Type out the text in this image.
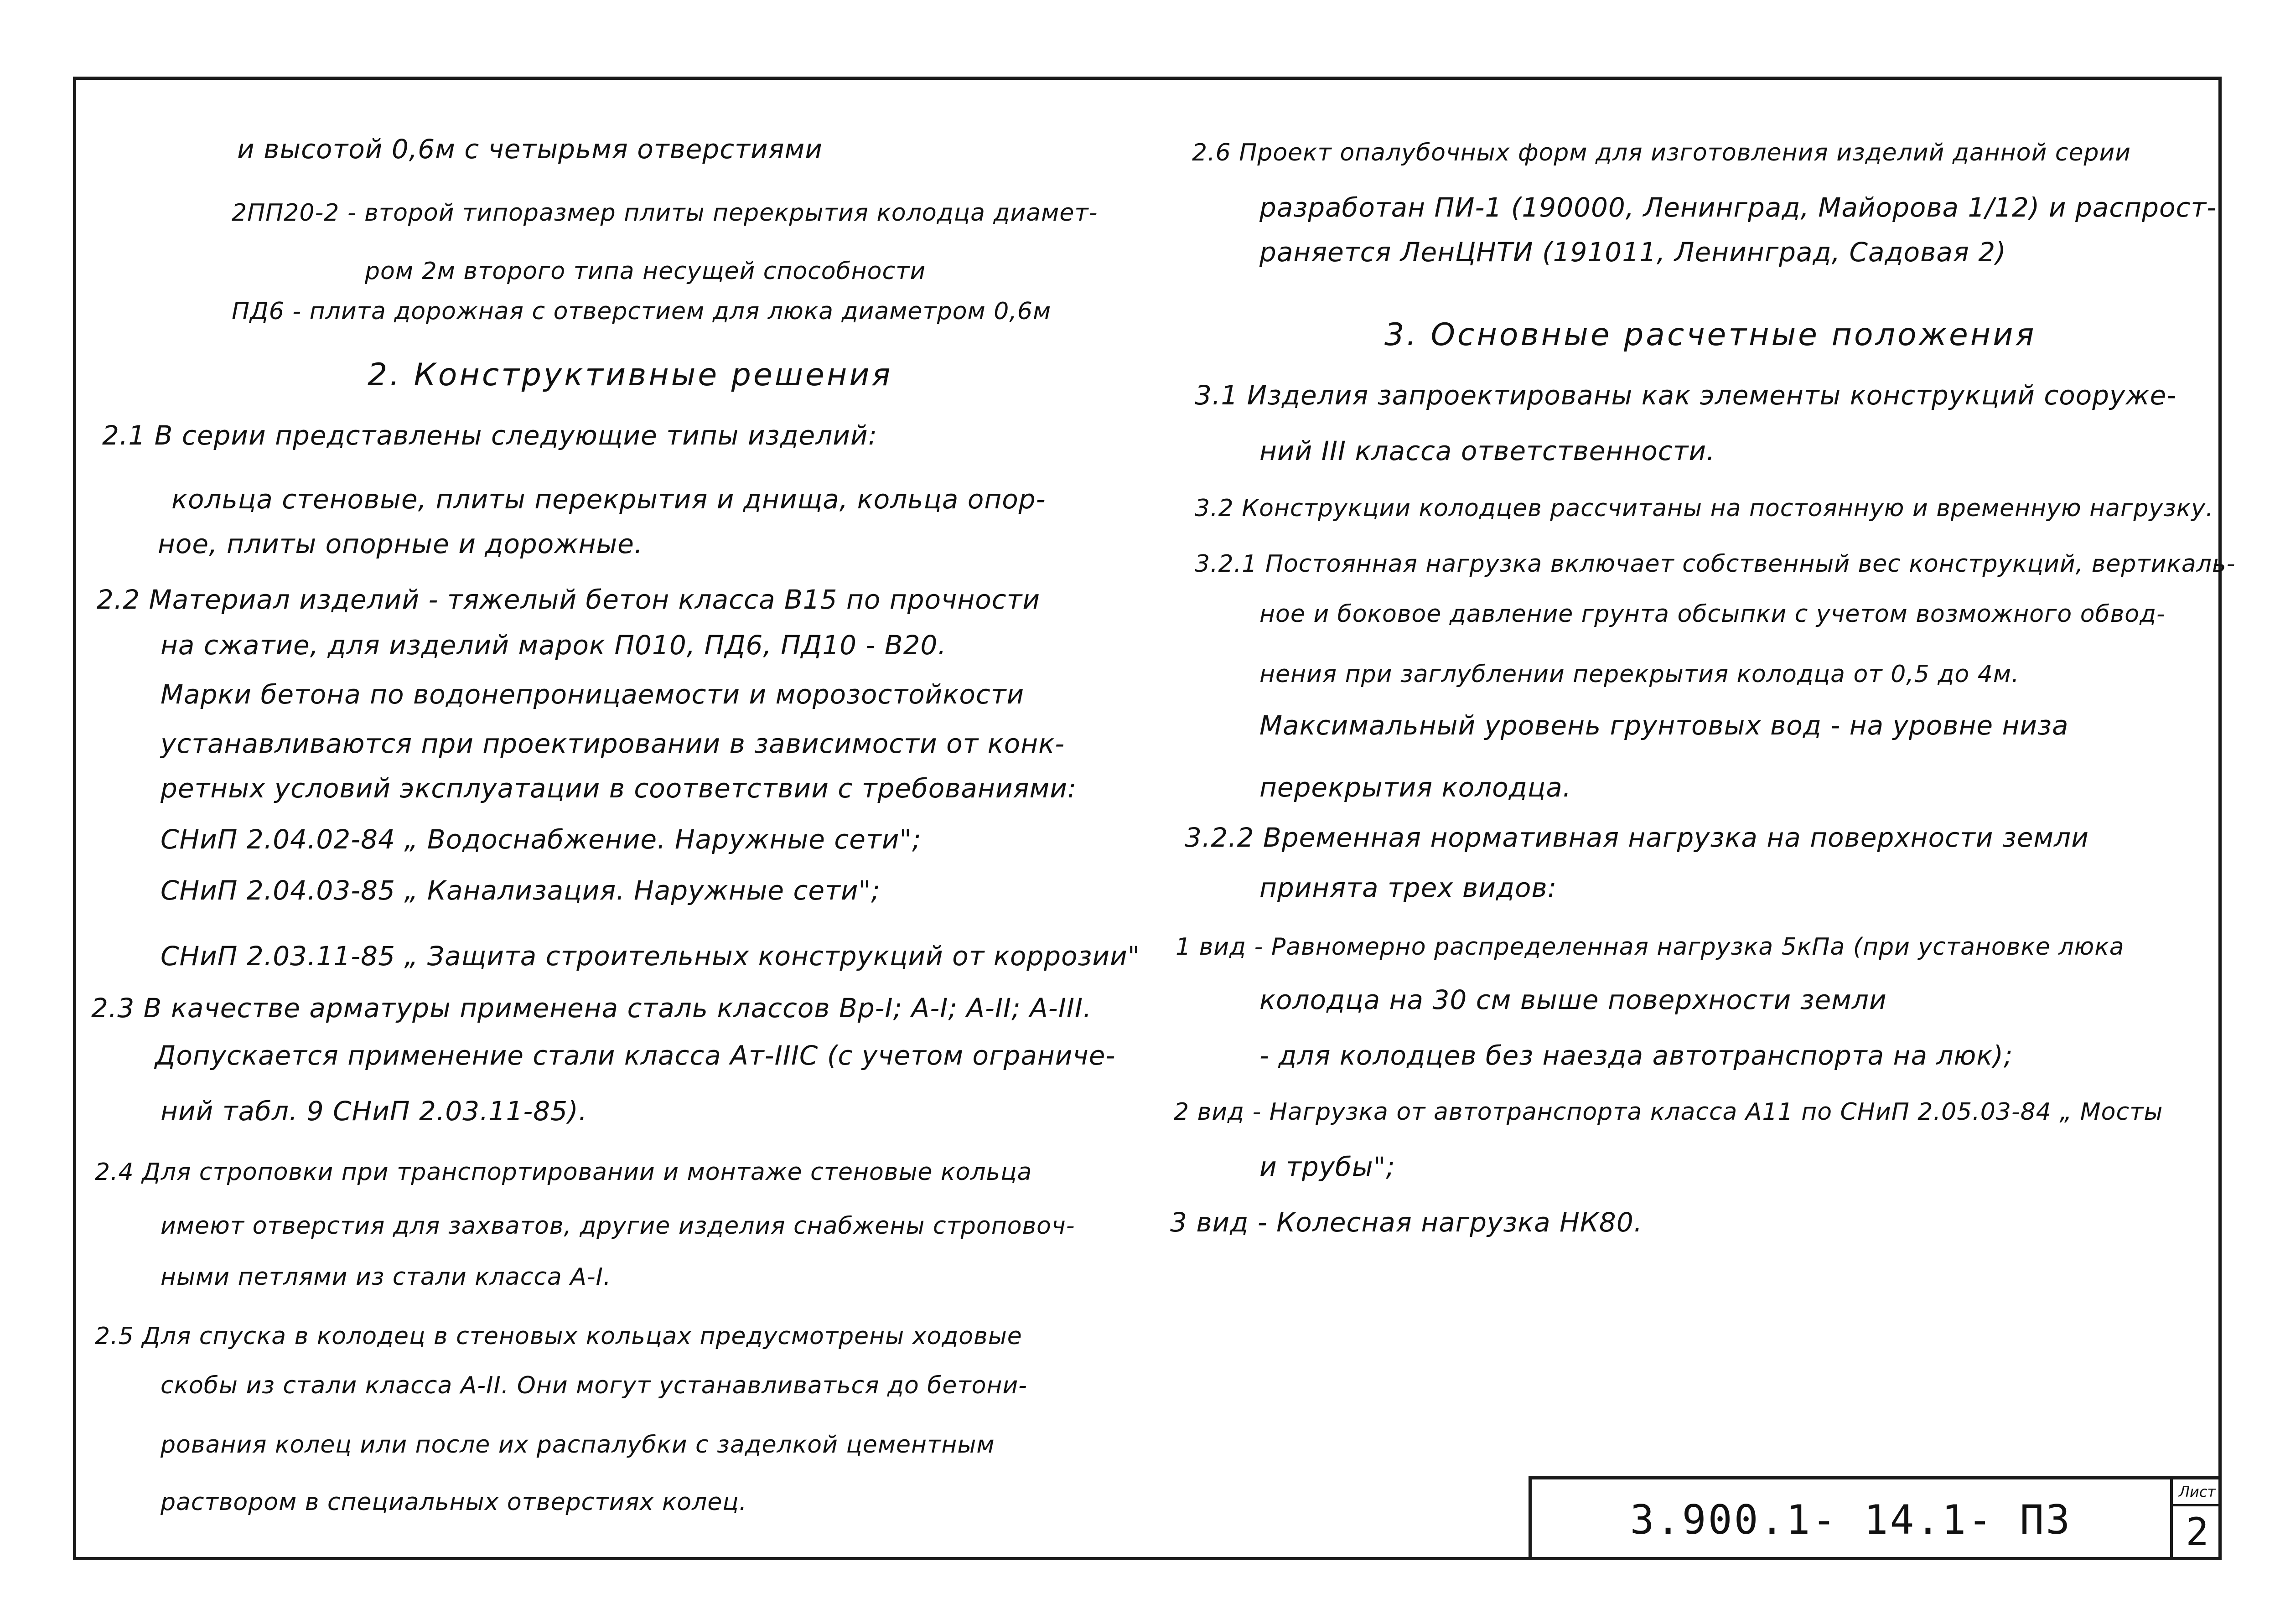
и высотой 0,6м с четырьмя отверстиями
2ПП20-2 - второй типоразмер плиты перекрытия колодца диамет-
ром 2м второго типа несущей способности
ПД6 - плита дорожная с отверстием для люка диаметром 0,6м
2. Конструктивные решения
2.1 В серии представлены следующие типы изделий:
кольца стеновые, плиты перекрытия и днища, кольца опор-
ное, плиты опорные и дорожные.
2.2 Материал изделий - тяжелый бетон класса В15 по прочности
на сжатие, для изделий марок П010, ПД6, ПД10 - В20.
Марки бетона по водонепроницаемости и морозостойкости
устанавливаются при проектировании в зависимости от конк-
ретных условий эксплуатации в соответствии с требованиями:
СНиП 2.04.02-84 „ Водоснабжение. Наружные сети";
СНиП 2.04.03-85 „ Канализация. Наружные сети";
СНиП 2.03.11-85 „ Защита строительных конструкций от коррозии"
2.3 В качестве арматуры применена сталь классов Вр-I; А-I; А-II; А-III.
Допускается применение стали класса Ат-IIIС (с учетом ограниче-
ний табл. 9 СНиП 2.03.11-85).
2.4 Для строповки при транспортировании и монтаже стеновые кольца
имеют отверстия для захватов, другие изделия снабжены строповоч-
ными петлями из стали класса А-I.
2.5 Для спуска в колодец в стеновых кольцах предусмотрены ходовые
скобы из стали класса А-II. Они могут устанавливаться до бетони-
рования колец или после их распалубки с заделкой цементным
раствором в специальных отверстиях колец.
2.6 Проект опалубочных форм для изготовления изделий данной серии
разработан ПИ-1 (190000, Ленинград, Майорова 1/12) и распрост-
раняется ЛенЦНТИ (191011, Ленинград, Садовая 2)
3. Основные расчетные положения
3.1 Изделия запроектированы как элементы конструкций сооруже-
ний III класса ответственности.
3.2 Конструкции колодцев рассчитаны на постоянную и временную нагрузку.
3.2.1 Постоянная нагрузка включает собственный вес конструкций, вертикаль-
ное и боковое давление грунта обсыпки с учетом возможного обвод-
нения при заглублении перекрытия колодца от 0,5 до 4м.
Максимальный уровень грунтовых вод - на уровне низа
перекрытия колодца.
3.2.2 Временная нормативная нагрузка на поверхности земли
принята трех видов:
1 вид - Равномерно распределенная нагрузка 5кПа (при установке люка
колодца на 30 см выше поверхности земли
- для колодцев без наезда автотранспорта на люк);
2 вид - Нагрузка от автотранспорта класса А11 по СНиП 2.05.03-84 „ Мосты
и трубы";
3 вид - Колесная нагрузка НК80.
3.900.1- 14.1- П3
Лист
2
